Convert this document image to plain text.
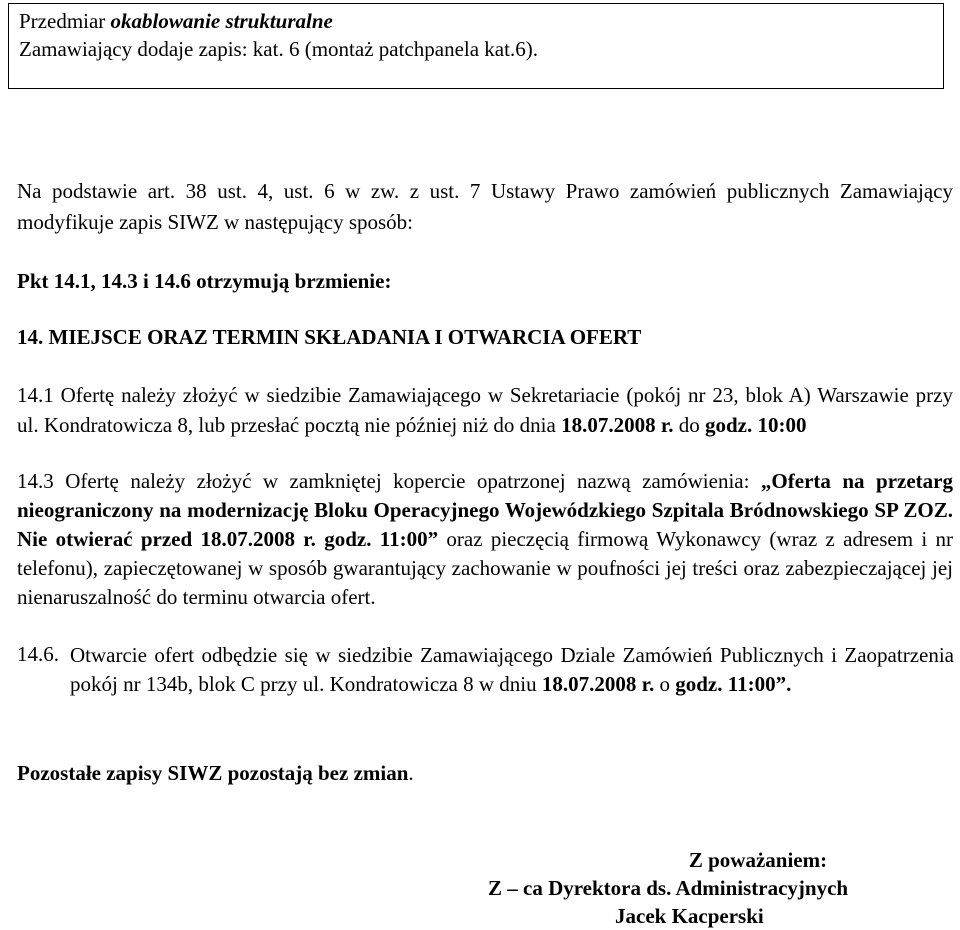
Przedmiar okablowanie strukturalne
Zamawiający dodaje zapis: kat. 6 (montaż patchpanela kat.6).
Na podstawie art. 38 ust. 4, ust. 6 w zw. z ust. 7 Ustawy Prawo zamówień publicznych Zamawiający modyfikuje zapis SIWZ w następujący sposób:
Pkt 14.1, 14.3 i 14.6 otrzymują brzmienie:
14. MIEJSCE ORAZ TERMIN SKŁADANIA I OTWARCIA OFERT
14.1 Ofertę należy złożyć w siedzibie Zamawiającego w Sekretariacie (pokój nr 23, blok A) Warszawie przy ul. Kondratowicza 8, lub przesłać pocztą nie później niż do dnia 18.07.2008 r. do godz. 10:00
14.3 Ofertę należy złożyć w zamkniętej kopercie opatrzonej nazwą zamówienia: „Oferta na przetarg nieograniczony na modernizację Bloku Operacyjnego Wojewódzkiego Szpitala Bródnowskiego SP ZOZ. Nie otwierać przed 18.07.2008 r. godz. 11:00” oraz pieczęcią firmową Wykonawcy (wraz z adresem i nr telefonu), zapieczętowanej w sposób gwarantujący zachowanie w poufności jej treści oraz zabezpieczającej jej nienaruszalność do terminu otwarcia ofert.
14.6. Otwarcie ofert odbędzie się w siedzibie Zamawiającego Dziale Zamówień Publicznych i Zaopatrzenia pokój nr 134b, blok C przy ul. Kondratowicza 8 w dniu 18.07.2008 r. o godz. 11:00”.
Pozostałe zapisy SIWZ pozostają bez zmian.
Z poważaniem:
Z – ca Dyrektora ds. Administracyjnych
Jacek Kacperski
